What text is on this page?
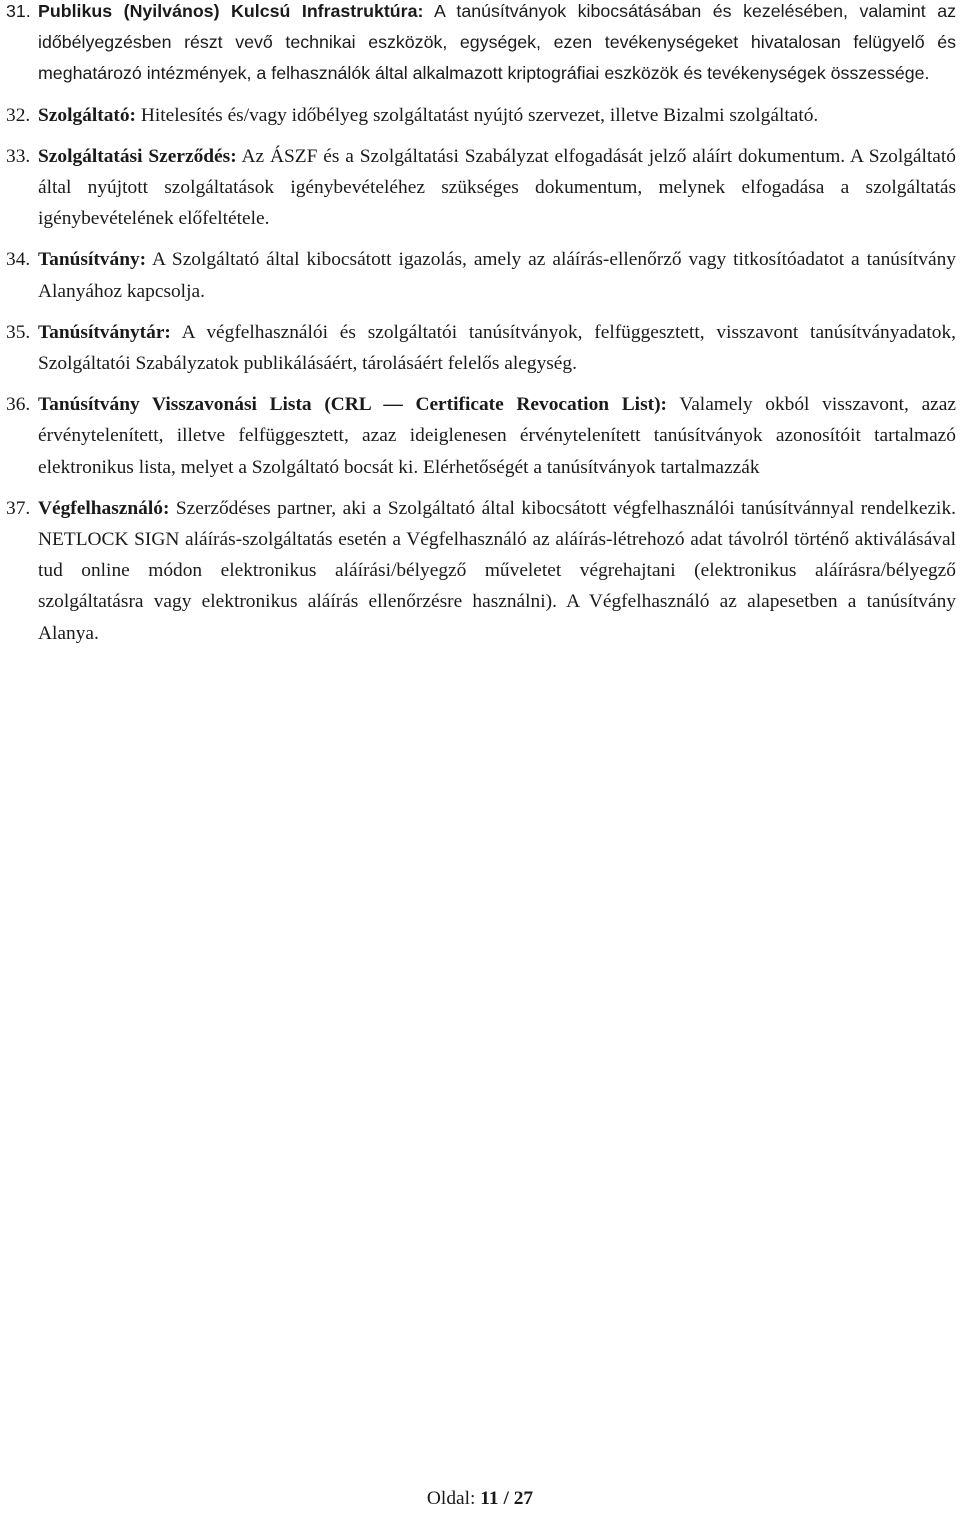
31. Publikus (Nyilvános) Kulcsú Infrastruktúra: A tanúsítványok kibocsátásában és kezelésében, valamint az időbélyegzésben részt vevő technikai eszközök, egységek, ezen tevékenységeket hivatalosan felügyelő és meghatározó intézmények, a felhasználók által alkalmazott kriptográfiai eszközök és tevékenységek összessége.
32. Szolgáltató: Hitelesítés és/vagy időbélyeg szolgáltatást nyújtó szervezet, illetve Bizalmi szolgáltató.
33. Szolgáltatási Szerződés: Az ÁSZF és a Szolgáltatási Szabályzat elfogadását jelző aláírt dokumentum. A Szolgáltató által nyújtott szolgáltatások igénybevételéhez szükséges dokumentum, melynek elfogadása a szolgáltatás igénybevételének előfeltétele.
34. Tanúsítvány: A Szolgáltató által kibocsátott igazolás, amely az aláírás-ellenőrző vagy titkosítóadatot a tanúsítvány Alanyához kapcsolja.
35. Tanúsítványtár: A végfelhasználói és szolgáltatói tanúsítványok, felfüggesztett, visszavont tanúsítványadatok, Szolgáltatói Szabályzatok publikálásáért, tárolásáért felelős alegység.
36. Tanúsítvány Visszavonási Lista (CRL — Certificate Revocation List): Valamely okból visszavont, azaz érvénytelenített, illetve felfüggesztett, azaz ideiglenesen érvénytelenített tanúsítványok azonosítóit tartalmazó elektronikus lista, melyet a Szolgáltató bocsát ki. Elérhetőségét a tanúsítványok tartalmazzák
37. Végfelhasználó: Szerződéses partner, aki a Szolgáltató által kibocsátott végfelhasználói tanúsítvánnyal rendelkezik. NETLOCK SIGN aláírás-szolgáltatás esetén a Végfelhasználó az aláírás-létrehozó adat távolról történő aktiválásával tud online módon elektronikus aláírási/bélyegző műveletet végrehajtani (elektronikus aláírásra/bélyegző szolgáltatásra vagy elektronikus aláírás ellenőrzésre használni). A Végfelhasználó az alapesetben a tanúsítvány Alanya.
Oldal: 11 / 27
